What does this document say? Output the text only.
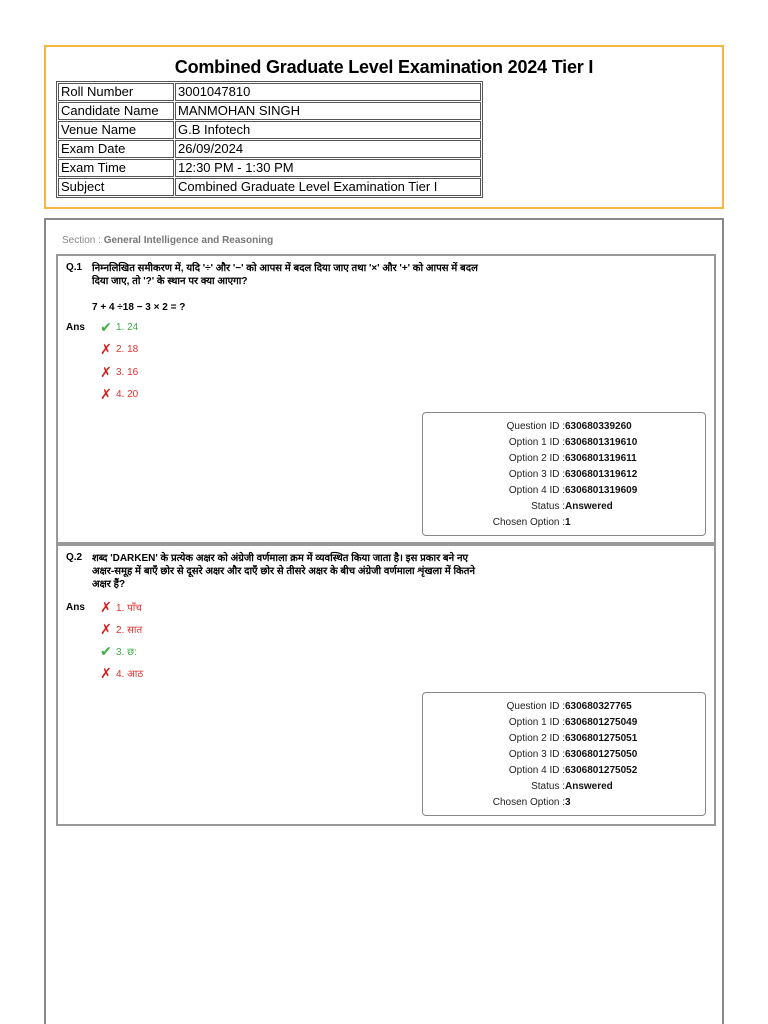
Combined Graduate Level Examination 2024 Tier I
Roll Number	3001047810
Candidate Name	MANMOHAN SINGH
Venue Name	G.B Infotech
Exam Date	26/09/2024
Exam Time	12:30 PM - 1:30 PM
Subject	Combined Graduate Level Examination Tier I
Section : General Intelligence and Reasoning
Q.1 निम्नलिखित समीकरण में, यदि '÷' और '−' को आपस में बदल दिया जाए तथा '×' और '+' को आपस में बदल
दिया जाए, तो '?' के स्थान पर क्या आएगा?
7 + 4 ÷18 − 3 × 2 = ?
Ans ✔ 1. 24
✗ 2. 18
✗ 3. 16
✗ 4. 20
Question ID : 630680339260
Option 1 ID : 6306801319610
Option 2 ID : 6306801319611
Option 3 ID : 6306801319612
Option 4 ID : 6306801319609
Status : Answered
Chosen Option : 1
Q.2 शब्द 'DARKEN' के प्रत्येक अक्षर को अंग्रेजी वर्णमाला क्रम में व्यवस्थित किया जाता है। इस प्रकार बने नए
अक्षर-समूह में बाएँ छोर से दूसरे अक्षर और दाएँ छोर से तीसरे अक्षर के बीच अंग्रेजी वर्णमाला शृंखला में कितने
अक्षर हैं?
Ans ✗ 1. पाँच
✗ 2. सात
✔ 3. छ:
✗ 4. आठ
Question ID : 630680327765
Option 1 ID : 6306801275049
Option 2 ID : 6306801275051
Option 3 ID : 6306801275050
Option 4 ID : 6306801275052
Status : Answered
Chosen Option : 3
